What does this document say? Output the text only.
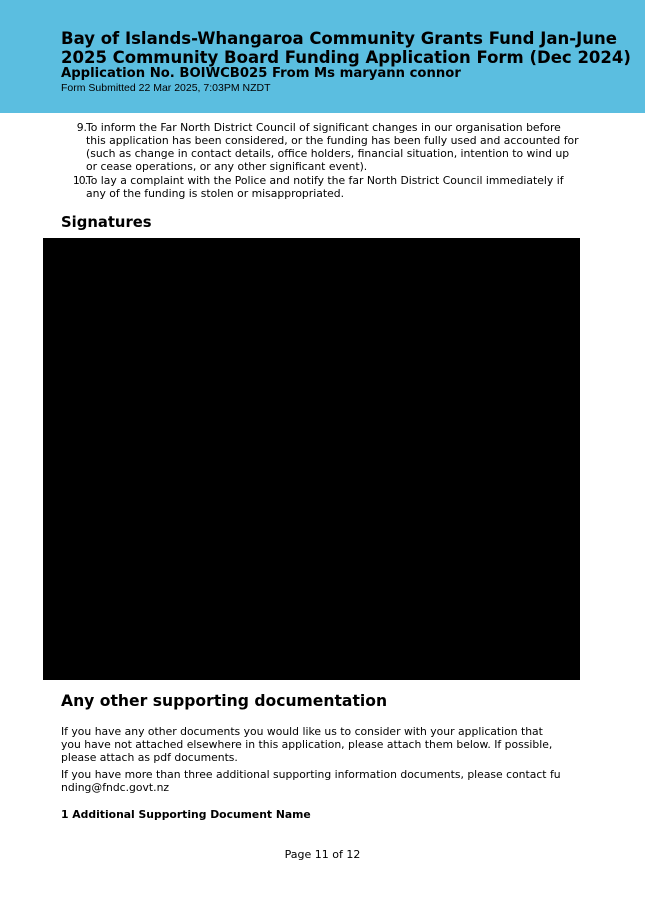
Bay of Islands-Whangaroa Community Grants Fund Jan-June 2025 Community Board Funding Application Form (Dec 2024)
Application No. BOIWCB025 From Ms maryann connor
Form Submitted 22 Mar 2025, 7:03PM NZDT
9. To inform the Far North District Council of significant changes in our organisation before this application has been considered, or the funding has been fully used and accounted for (such as change in contact details, office holders, financial situation, intention to wind up or cease operations, or any other significant event).
10. To lay a complaint with the Police and notify the far North District Council immediately if any of the funding is stolen or misappropriated.
Signatures
Any other supporting documentation
If you have any other documents you would like us to consider with your application that you have not attached elsewhere in this application, please attach them below. If possible, please attach as pdf documents.
If you have more than three additional supporting information documents, please contact funding@fndc.govt.nz
1 Additional Supporting Document Name
Page 11 of 12
